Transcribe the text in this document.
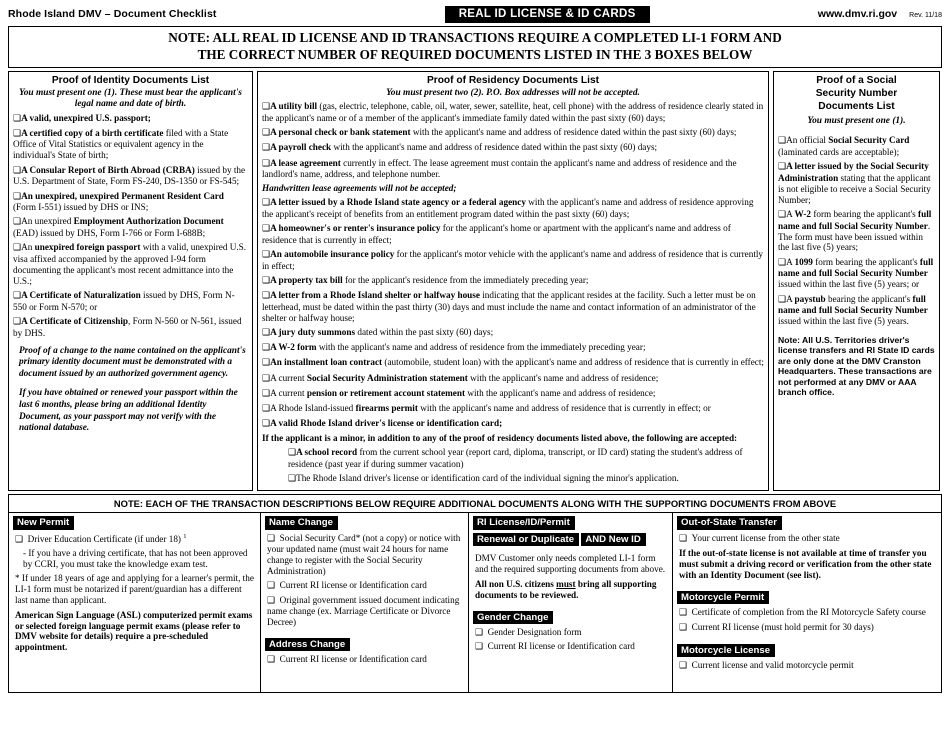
Rhode Island DMV – Document Checklist	REAL ID LICENSE & ID CARDS	www.dmv.ri.gov Rev. 11/18
NOTE: ALL REAL ID LICENSE AND ID TRANSACTIONS REQUIRE A COMPLETED LI-1 FORM AND
THE CORRECT NUMBER OF REQUIRED DOCUMENTS LISTED IN THE 3 BOXES BELOW
Proof of Identity Documents List
You must present one (1). These must bear the applicant's legal name and date of birth.
❑A valid, unexpired U.S. passport;
❑A certified copy of a birth certificate filed with a State Office of Vital Statistics or equivalent agency in the individual's State of birth;
❑A Consular Report of Birth Abroad (CRBA) issued by the U.S. Department of State, Form FS-240, DS-1350 or FS-545;
❑An unexpired, unexpired Permanent Resident Card (Form I-551) issued by DHS or INS;
❑An unexpired Employment Authorization Document (EAD) issued by DHS, Form I-766 or Form I-688B;
❑An unexpired foreign passport with a valid, unexpired U.S. visa affixed accompanied by the approved I-94 form documenting the applicant's most recent admittance into the U.S.;
❑A Certificate of Naturalization issued by DHS, Form N-550 or Form N-570; or
❑A Certificate of Citizenship, Form N-560 or N-561, issued by DHS.
Proof of a change to the name contained on the applicant's primary identity document must be demonstrated with a document issued by an authorized government agency.
If you have obtained or renewed your passport within the last 6 months, please bring an additional Identity Document, as your passport may not verify with the national database.
Proof of Residency Documents List
You must present two (2). P.O. Box addresses will not be accepted.
❑A utility bill (gas, electric, telephone, cable, oil, water, sewer, satellite, heat, cell phone) with the address of residence clearly stated in the applicant's name or of a member of the applicant's immediate family dated within the past sixty (60) days;
❑A personal check or bank statement with the applicant's name and address of residence dated within the past sixty (60) days;
❑A payroll check with the applicant's name and address of residence dated within the past sixty (60) days;
❑A lease agreement currently in effect. The lease agreement must contain the applicant's name and address of residence and the landlord's name, address, and telephone number.
Handwritten lease agreements will not be accepted;
❑A letter issued by a Rhode Island state agency or a federal agency with the applicant's name and address of residence approving the applicant's receipt of benefits from an entitlement program dated within the past sixty (60) days;
❑A homeowner's or renter's insurance policy for the applicant's home or apartment with the applicant's name and address of residence that is currently in effect;
❑An automobile insurance policy for the applicant's motor vehicle with the applicant's name and address of residence that is currently in effect;
❑A property tax bill for the applicant's residence from the immediately preceding year;
❑A letter from a Rhode Island shelter or halfway house indicating that the applicant resides at the facility. Such a letter must be on letterhead, must be dated within the past thirty (30) days and must include the name and contact information of an administrator of the shelter or halfway house;
❑A jury duty summons dated within the past sixty (60) days;
❑A W-2 form with the applicant's name and address of residence from the immediately preceding year;
❑An installment loan contract (automobile, student loan) with the applicant's name and address of residence that is currently in effect;
❑A current Social Security Administration statement with the applicant's name and address of residence;
❑A current pension or retirement account statement with the applicant's name and address of residence;
❑A Rhode Island-issued firearms permit with the applicant's name and address of residence that is currently in effect; or
❑A valid Rhode Island driver's license or identification card;
If the applicant is a minor, in addition to any of the proof of residency documents listed above, the following are accepted:
❑A school record from the current school year (report card, diploma, transcript, or ID card) stating the student's address of residence (past year if during summer vacation)
❑The Rhode Island driver's license or identification card of the individual signing the minor's application.
Proof of a Social
Security Number
Documents List
You must present one (1).
❑An official Social Security Card (laminated cards are acceptable);
❑A letter issued by the Social Security Administration stating that the applicant is not eligible to receive a Social Security Number;
❑A W-2 form bearing the applicant's full name and full Social Security Number. The form must have been issued within the last five (5) years;
❑A 1099 form bearing the applicant's full name and full Social Security Number issued within the last five (5) years; or
❑A paystub bearing the applicant's full name and full Social Security Number issued within the last five (5) years.
Note: All U.S. Territories driver's license transfers and RI State ID cards are only done at the DMV Cranston Headquarters. These transactions are not performed at any DMV or AAA branch office.
NOTE: EACH OF THE TRANSACTION DESCRIPTIONS BELOW REQUIRE ADDITIONAL DOCUMENTS ALONG WITH THE SUPPORTING DOCUMENTS FROM ABOVE
New Permit
❑  Driver Education Certificate (if under 18) $^1$
- If you have a driving certificate, that has not been approved by CCRI, you must take the knowledge exam test.
* If under 18 years of age and applying for a learner's permit, the LI-1 form must be notarized if parent/guardian has a different last name than applicant.
American Sign Language (ASL) computerized permit exams or selected foreign language permit exams (please refer to DMV website for details) require a pre-scheduled appointment.
Name Change
❑  Social Security Card* (not a copy) or notice with your updated name (must wait 24 hours for name change to register with the Social Security Administration)
❑  Current RI license or Identification card
❑  Original government issued document indicating name change (ex. Marriage Certificate or Divorce Decree)
Address Change
❑  Current RI license or Identification card
RI License/ID/Permit Renewal or Duplicate AND New ID
DMV Customer only needs completed LI-1 form and the required supporting documents from above.
All non U.S. citizens must bring all supporting documents to be reviewed.
Gender Change
❑  Gender Designation form
❑  Current RI license or Identification card
Out-of-State Transfer
❑  Your current license from the other state
If the out-of-state license is not available at time of transfer you must submit a driving record or verification from the other state with an Identity Document (see list).
Motorcycle Permit
❑  Certificate of completion from the RI Motorcycle Safety course
❑  Current RI license (must hold permit for 30 days)
Motorcycle License
❑  Current license and valid motorcycle permit
